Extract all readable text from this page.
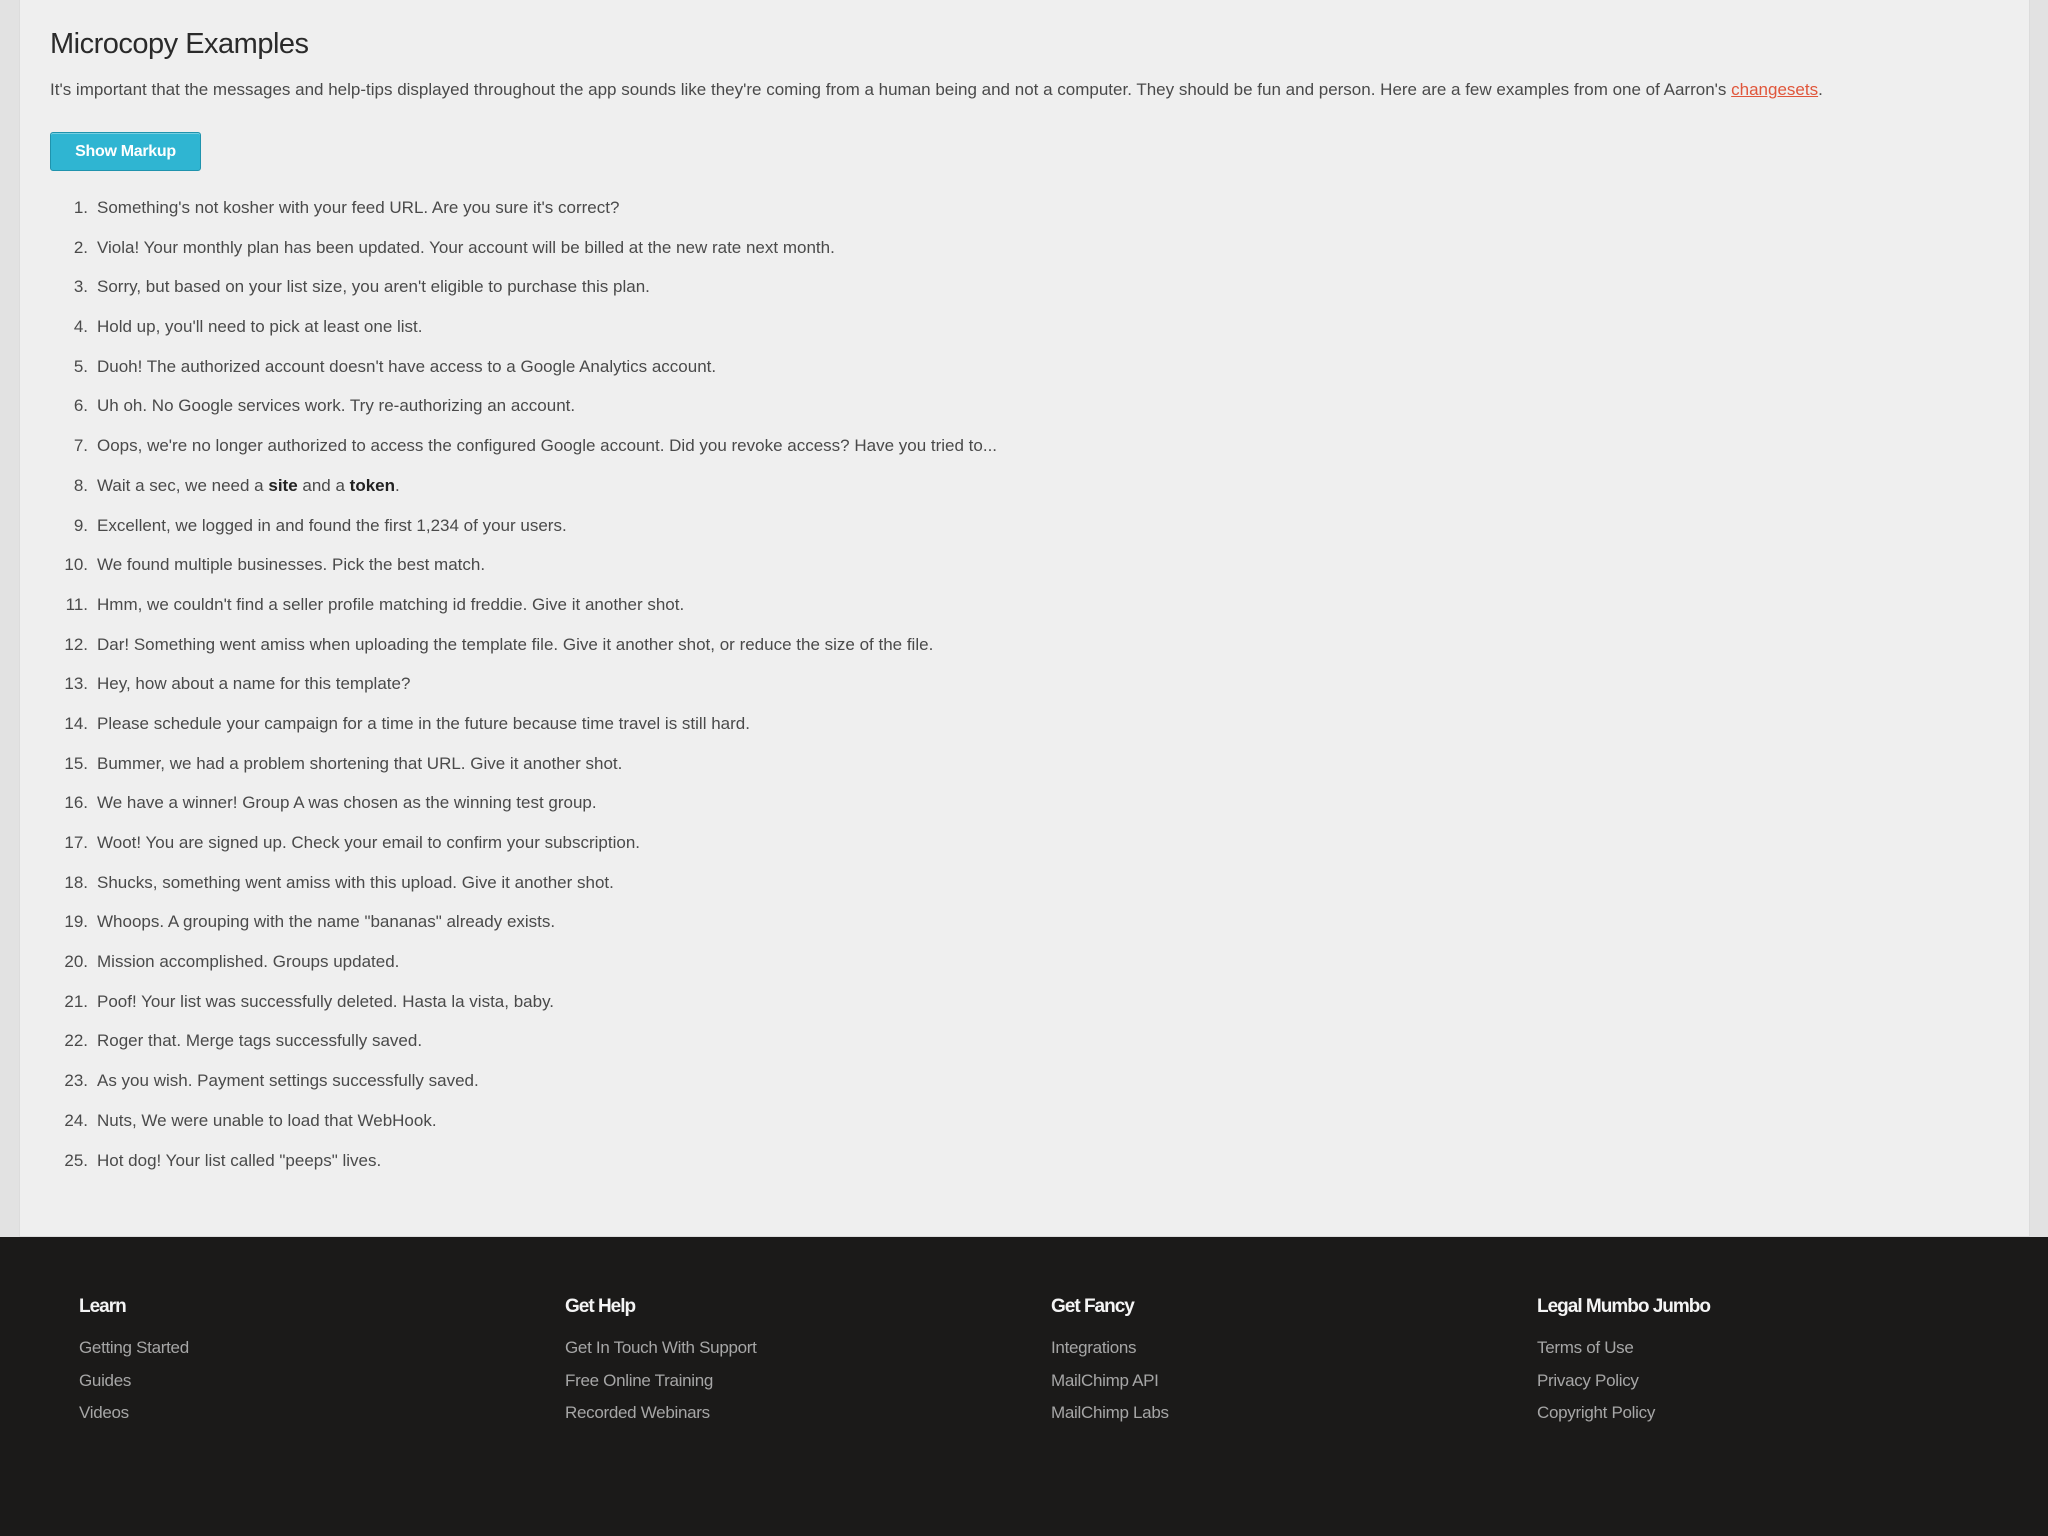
Microcopy Examples

It's important that the messages and help-tips displayed throughout the app sounds like they're coming from a human being and not a computer. They should be fun and person. Here are a few examples from one of Aarron's changesets.

Show Markup
1. Something's not kosher with your feed URL. Are you sure it's correct?
2. Viola! Your monthly plan has been updated. Your account will be billed at the new rate next month.
3. Sorry, but based on your list size, you aren't eligible to purchase this plan.
4. Hold up, you'll need to pick at least one list.
5. Duoh! The authorized account doesn't have access to a Google Analytics account.
6. Uh oh. No Google services work. Try re-authorizing an account.
7. Oops, we're no longer authorized to access the configured Google account. Did you revoke access? Have you tried to...
8. Wait a sec, we need a site and a token.
9. Excellent, we logged in and found the first 1,234 of your users.
10. We found multiple businesses. Pick the best match.
11. Hmm, we couldn't find a seller profile matching id freddie. Give it another shot.
12. Dar! Something went amiss when uploading the template file. Give it another shot, or reduce the size of the file.
13. Hey, how about a name for this template?
14. Please schedule your campaign for a time in the future because time travel is still hard.
15. Bummer, we had a problem shortening that URL. Give it another shot.
16. We have a winner! Group A was chosen as the winning test group.
17. Woot! You are signed up. Check your email to confirm your subscription.
18. Shucks, something went amiss with this upload. Give it another shot.
19. Whoops. A grouping with the name "bananas" already exists.
20. Mission accomplished. Groups updated.
21. Poof! Your list was successfully deleted. Hasta la vista, baby.
22. Roger that. Merge tags successfully saved.
23. As you wish. Payment settings successfully saved.
24. Nuts, We were unable to load that WebHook.
25. Hot dog! Your list called "peeps" lives.
Learn
Getting Started
Guides
Videos
Get Help
Get In Touch With Support
Free Online Training
Recorded Webinars
Get Fancy
Integrations
MailChimp API
MailChimp Labs
Legal Mumbo Jumbo
Terms of Use
Privacy Policy
Copyright Policy
